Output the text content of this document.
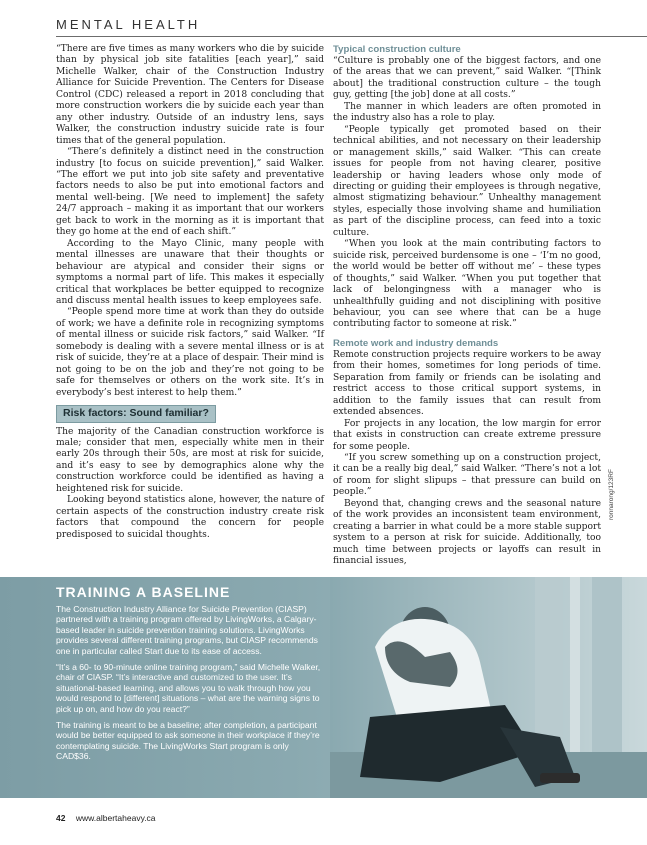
MENTAL HEALTH

“There are five times as many workers who die by suicide than by physical job site fatalities [each year],” said Michelle Walker, chair of the Construction Industry Alliance for Suicide Prevention. The Centers for Disease Control (CDC) released a report in 2018 concluding that more construction workers die by suicide each year than any other industry. Outside of an industry lens, says Walker, the construction industry suicide rate is four times that of the general population.

“There’s definitely a distinct need in the construction industry [to focus on suicide prevention],” said Walker. “The effort we put into job site safety and preventative factors needs to also be put into emotional factors and mental well-being. [We need to implement] the safety 24/7 approach – making it as important that our workers get back to work in the morning as it is important that they go home at the end of each shift.”

According to the Mayo Clinic, many people with mental illnesses are unaware that their thoughts or behaviour are atypical and consider their signs or symptoms a normal part of life. This makes it especially critical that workplaces be better equipped to recognize and discuss mental health issues to keep employees safe.

“People spend more time at work than they do outside of work; we have a definite role in recognizing symptoms of mental illness or suicide risk factors,” said Walker. “If somebody is dealing with a severe mental illness or is at risk of suicide, they’re at a place of despair. Their mind is not going to be on the job and they’re not going to be safe for themselves or others on the work site. It’s in everybody’s best interest to help them.”

Risk factors: Sound familiar?

The majority of the Canadian construction workforce is male; consider that men, especially white men in their early 20s through their 50s, are most at risk for suicide, and it’s easy to see by demographics alone why the construction workforce could be identified as having a heightened risk for suicide.

Looking beyond statistics alone, however, the nature of certain aspects of the construction industry create risk factors that compound the concern for people predisposed to suicidal thoughts.

Typical construction culture

“Culture is probably one of the biggest factors, and one of the areas that we can prevent,” said Walker. “[Think about] the traditional construction culture – the tough guy, getting [the job] done at all costs.”

The manner in which leaders are often promoted in the industry also has a role to play.

“People typically get promoted based on their technical abilities, and not necessary on their leadership or management skills,” said Walker. “This can create issues for people from not having clearer, positive leadership or having leaders whose only mode of directing or guiding their employees is through negative, almost stigmatizing behaviour.” Unhealthy management styles, especially those involving shame and humiliation as part of the discipline process, can feed into a toxic culture.

“When you look at the main contributing factors to suicide risk, perceived burdensome is one – ‘I’m no good, the world would be better off without me’ – these types of thoughts,” said Walker. “When you put together that lack of belongingness with a manager who is unhealthfully guiding and not disciplining with positive behaviour, you can see where that can be a huge contributing factor to someone at risk.”

Remote work and industry demands

Remote construction projects require workers to be away from their homes, sometimes for long periods of time. Separation from family or friends can be isolating and restrict access to those critical support systems, in addition to the family issues that can result from extended absences.

For projects in any location, the low margin for error that exists in construction can create extreme pressure for some people.

“If you screw something up on a construction project, it can be a really big deal,” said Walker. “There’s not a lot of room for slight slipups – that pressure can build on people.”

Beyond that, changing crews and the seasonal nature of the work provides an inconsistent team environment, creating a barrier in what could be a more stable support system to a person at risk for suicide. Additionally, too much time between projects or layoffs can result in financial issues,

ronnarong/123RF
TRAINING A BASELINE

The Construction Industry Alliance for Suicide Prevention (CIASP) partnered with a training program offered by LivingWorks, a Calgary-based leader in suicide prevention training solutions. LivingWorks provides several different training programs, but CIASP recommends one in particular called Start due to its ease of access.

“It’s a 60- to 90-minute online training program,” said Michelle Walker, chair of CIASP. “It’s interactive and customized to the user. It’s situational-based learning, and allows you to walk through how you would respond to [different] situations – what are the warning signs to pick up on, and how do you react?”

The training is meant to be a baseline; after completion, a participant would be better equipped to ask someone in their workplace if they’re contemplating suicide. The LivingWorks Start program is only CAD$36.

42 www.albertaheavy.ca
